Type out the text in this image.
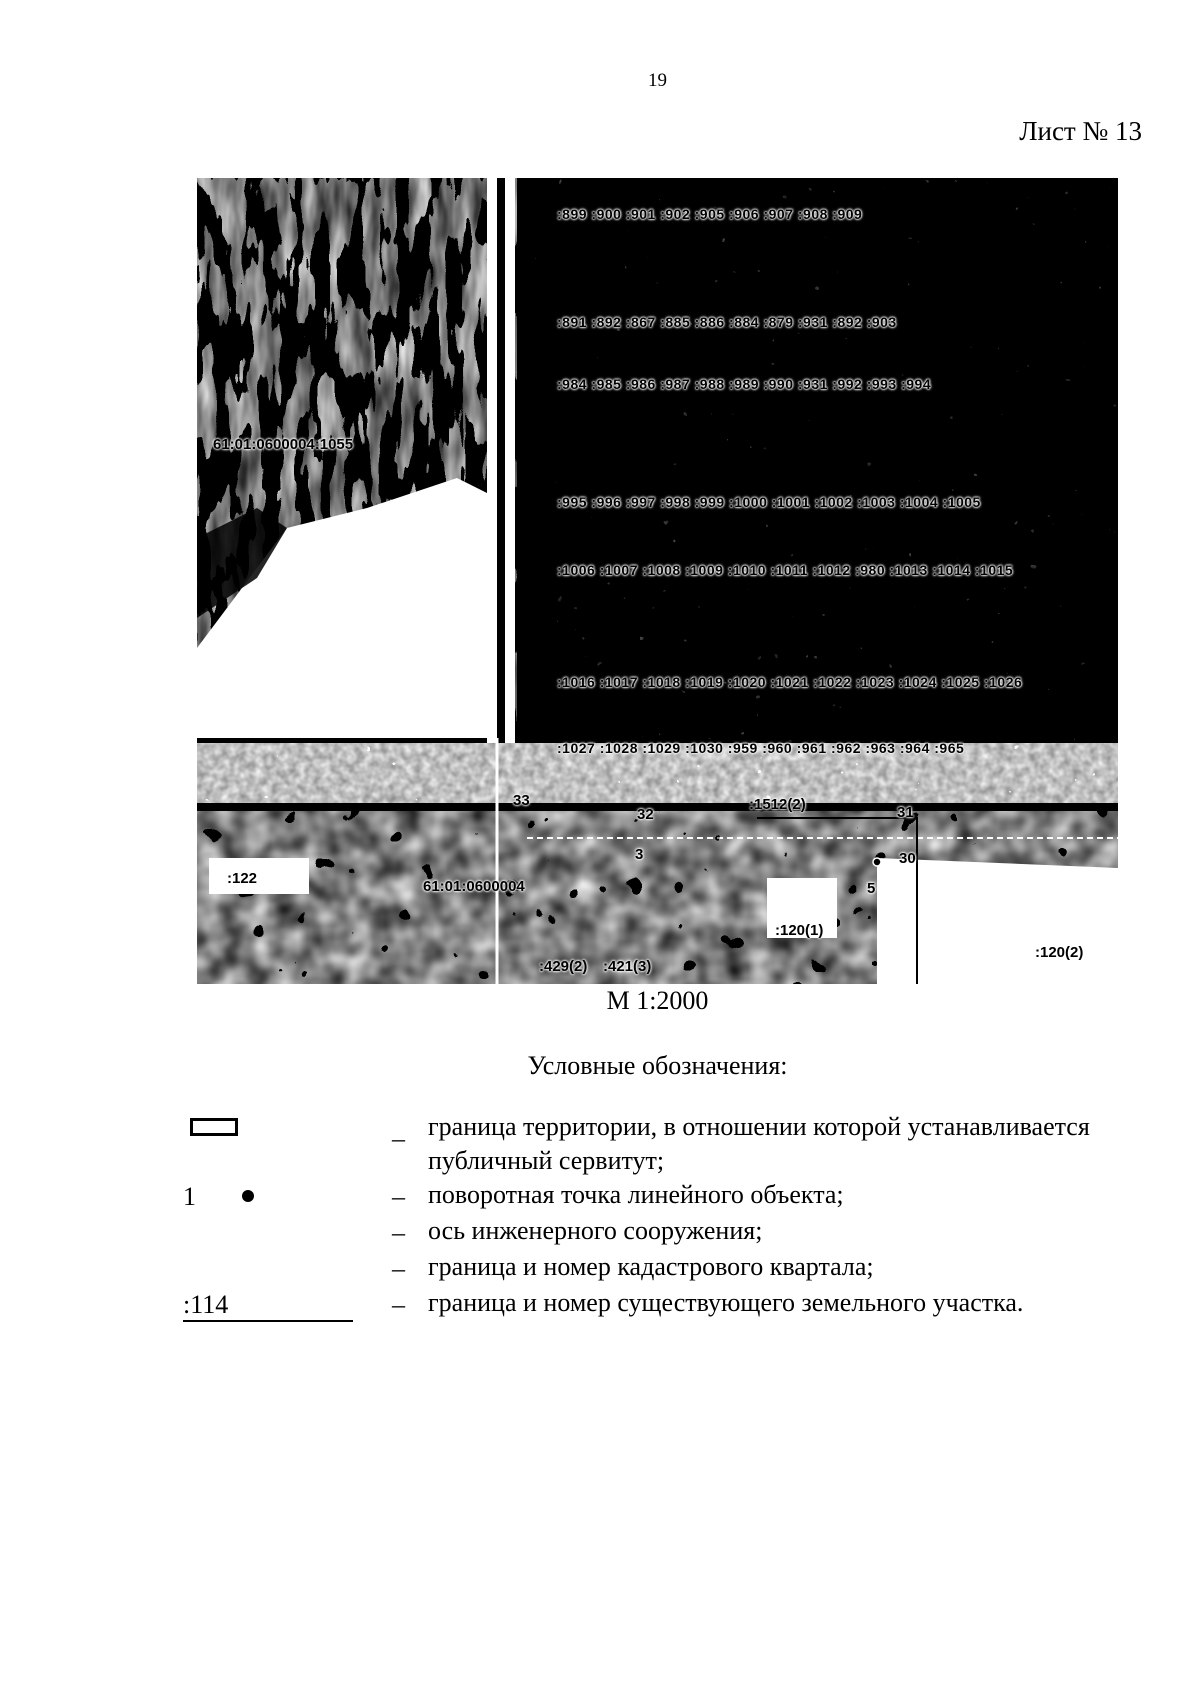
19
Лист № 13
:899 :900 :901 :902 :905 :906 :907 :908 :909
:891 :892 :867 :885 :886 :884 :879 :931 :892 :903
:984 :985 :986 :987 :988 :989 :990 :931 :992 :993 :994
:995 :996 :997 :998 :999 :1000 :1001 :1002 :1003 :1004 :1005
:1006 :1007 :1008 :1009 :1010 :1011 :1012 :980 :1013 :1014 :1015
:1016 :1017 :1018 :1019 :1020 :1021 :1022 :1023 :1024 :1025 :1026
:1027 :1028 :1029 :1030 :959 :960 :961 :962 :963 :964 :965
61:01:0600004:1055
:122
:120(1)
:120(2)
:429(2) :421(3)
:1512(2)
61:01:0600004
32	31
30
33
3
5
М 1:2000
Условные обозначения:
– граница территории, в отношении которой устанавливается публичный сервитут;
1	– поворотная точка линейного объекта;
– ось инженерного сооружения;
– граница и номер кадастрового квартала;
:114	– граница и номер существующего земельного участка.
